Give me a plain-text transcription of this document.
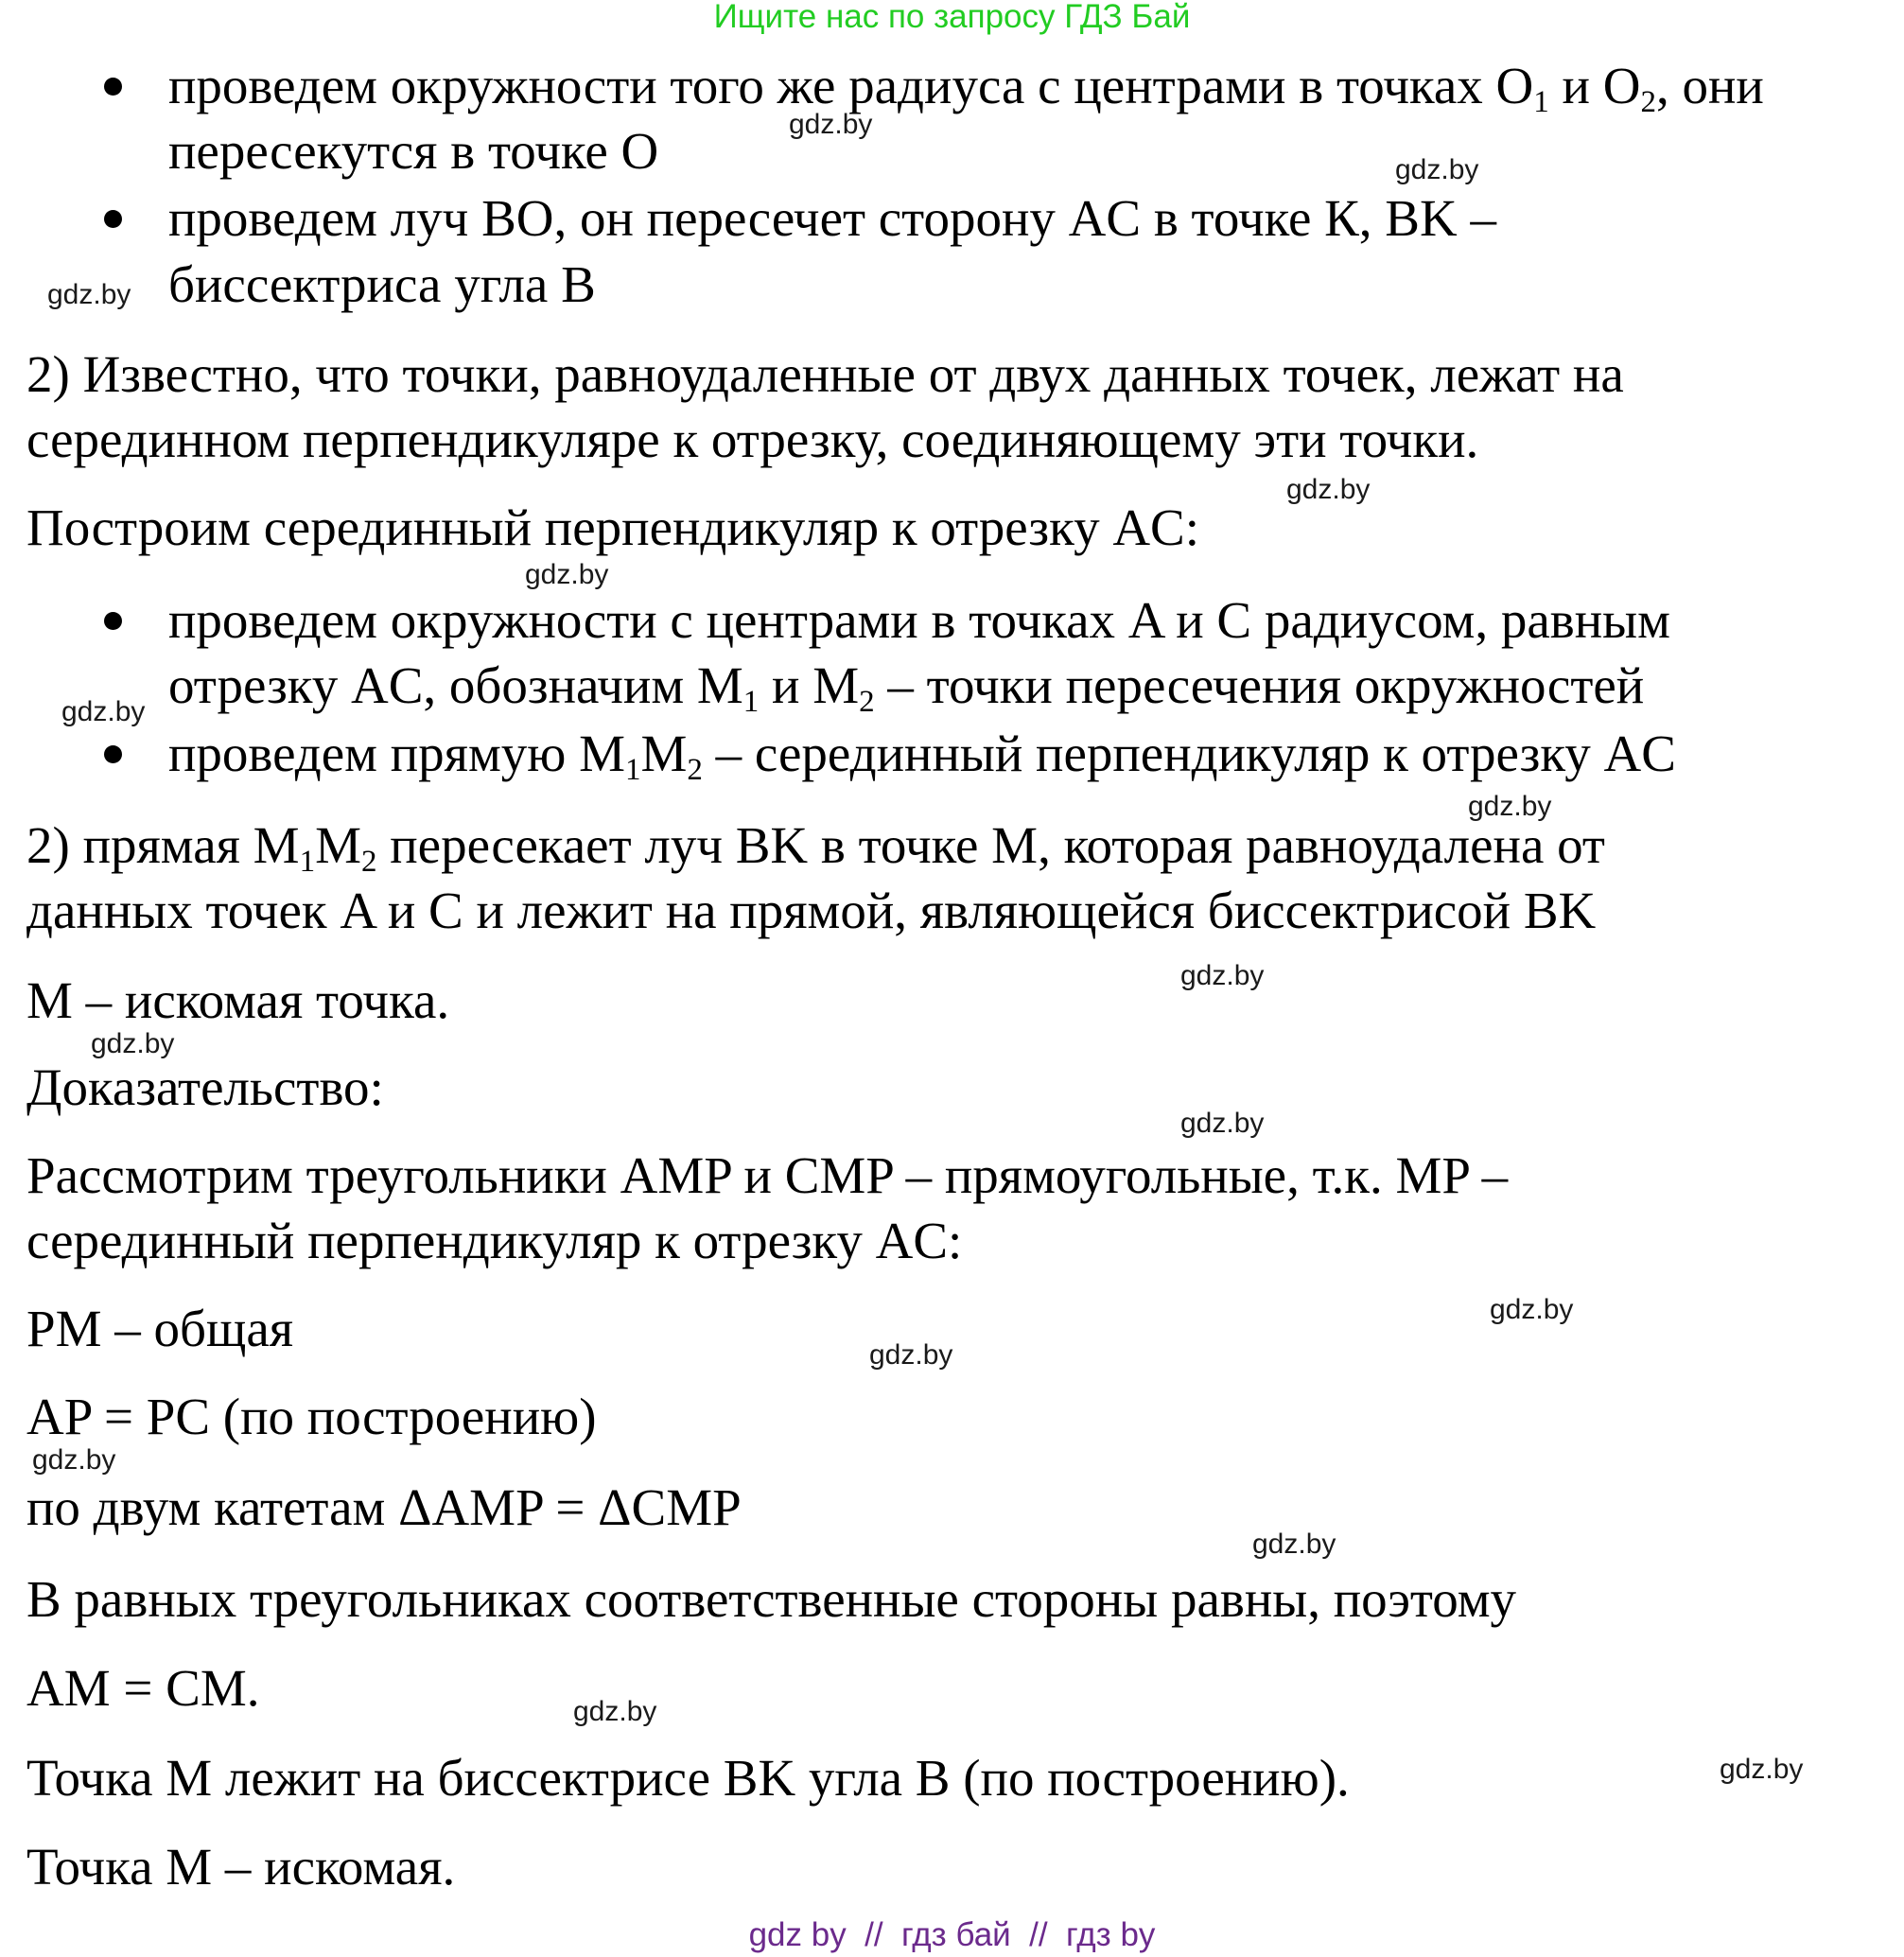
Ищите нас по запросу ГДЗ Бай
проведем окружности того же радиуса с центрами в точках $O_1$ и $O_2$, они
пересекутся в точке O
проведем луч BO, он пересечет сторону AC в точке К, BK –
биссектриса угла B
2) Известно, что точки, равноудаленные от двух данных точек, лежат на
серединном перпендикуляре к отрезку, соединяющему эти точки.
Построим серединный перпендикуляр к отрезку AC:
проведем окружности с центрами в точках A и C радиусом, равным
отрезку AC, обозначим $M_1$ и $M_2$ – точки пересечения окружностей
проведем прямую $M_1M_2$ – серединный перпендикуляр к отрезку AC
2) прямая $M_1M_2$ пересекает луч BK в точке M, которая равноудалена от
данных точек A и C и лежит на прямой, являющейся биссектрисой BK
M – искомая точка.
Доказательство:
Рассмотрим треугольники AMP и CMP – прямоугольные, т.к. MP –
серединный перпендикуляр к отрезку AC:
PM – общая
AP = PC (по построению)
по двум катетам ΔAMP = ΔCMP
В равных треугольниках соответственные стороны равны, поэтому
AM = CM.
Точка M лежит на биссектрисе BK угла B (по построению).
Точка M – искомая.
gdz.by
gdz.by
gdz.by
gdz.by
gdz.by
gdz.by
gdz.by
gdz.by
gdz.by
gdz.by
gdz.by
gdz.by
gdz.by
gdz.by
gdz.by
gdz.by
gdz by  //  гдз бай  //  гдз by
